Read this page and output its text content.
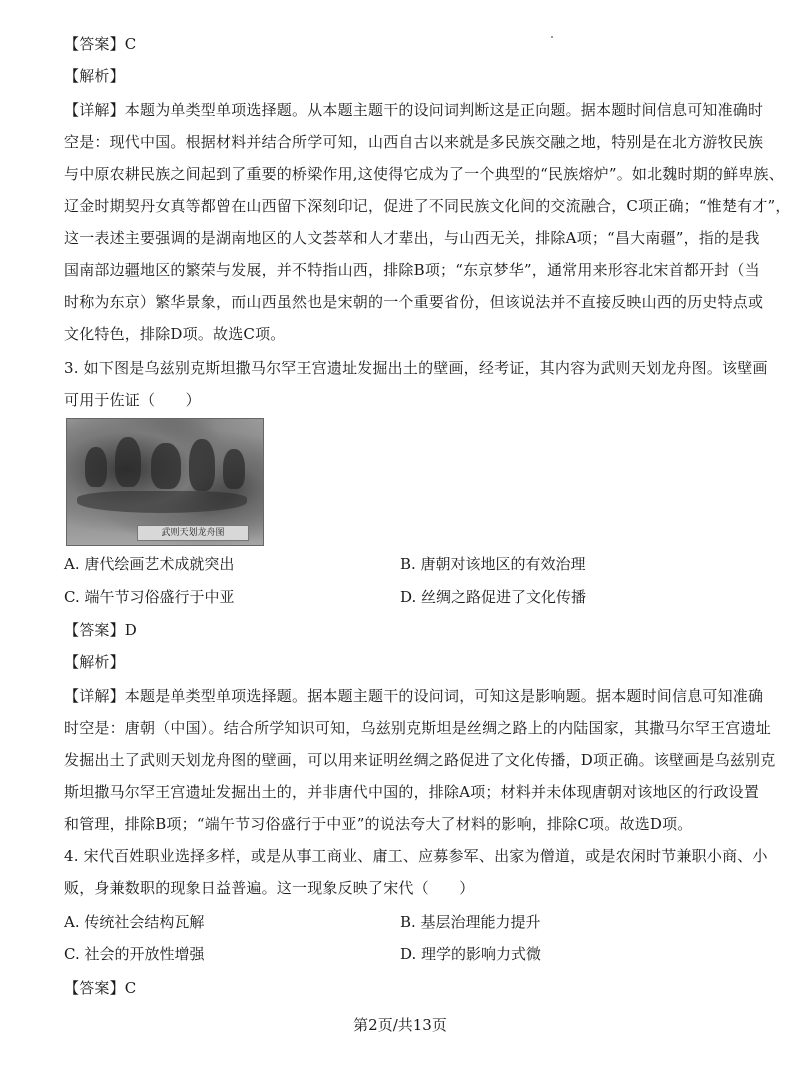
【答案】C
【解析】
【详解】本题为单类型单项选择题。从本题主题干的设问词判断这是正向题。据本题时间信息可知准确时
空是：现代中国。根据材料并结合所学可知，山西自古以来就是多民族交融之地，特别是在北方游牧民族
与中原农耕民族之间起到了重要的桥梁作用,这使得它成为了一个典型的“民族熔炉”。如北魏时期的鲜卑族、
辽金时期契丹女真等都曾在山西留下深刻印记，促进了不同民族文化间的交流融合，C项正确；“惟楚有才”，
这一表述主要强调的是湖南地区的人文荟萃和人才辈出，与山西无关，排除A项；“昌大南疆”，指的是我
国南部边疆地区的繁荣与发展，并不特指山西，排除B项；“东京梦华”，通常用来形容北宋首都开封（当
时称为东京）繁华景象，而山西虽然也是宋朝的一个重要省份，但该说法并不直接反映山西的历史特点或
文化特色，排除D项。故选C项。
3. 如下图是乌兹别克斯坦撒马尔罕王宫遗址发掘出土的壁画，经考证，其内容为武则天划龙舟图。该壁画
可用于佐证（　　）
武则天划龙舟图
A. 唐代绘画艺术成就突出	B. 唐朝对该地区的有效治理
C. 端午节习俗盛行于中亚	D. 丝绸之路促进了文化传播
【答案】D
【解析】
【详解】本题是单类型单项选择题。据本题主题干的设问词，可知这是影响题。据本题时间信息可知准确
时空是：唐朝（中国）。结合所学知识可知，乌兹别克斯坦是丝绸之路上的内陆国家，其撒马尔罕王宫遗址
发掘出土了武则天划龙舟图的壁画，可以用来证明丝绸之路促进了文化传播，D项正确。该壁画是乌兹别克
斯坦撒马尔罕王宫遗址发掘出土的，并非唐代中国的，排除A项；材料并未体现唐朝对该地区的行政设置
和管理，排除B项；“端午节习俗盛行于中亚”的说法夸大了材料的影响，排除C项。故选D项。
4. 宋代百姓职业选择多样，或是从事工商业、庸工、应募参军、出家为僧道，或是农闲时节兼职小商、小
贩，身兼数职的现象日益普遍。这一现象反映了宋代（　　）
A. 传统社会结构瓦解	B. 基层治理能力提升
C. 社会的开放性增强	D. 理学的影响力式微
【答案】C
第2页/共13页
